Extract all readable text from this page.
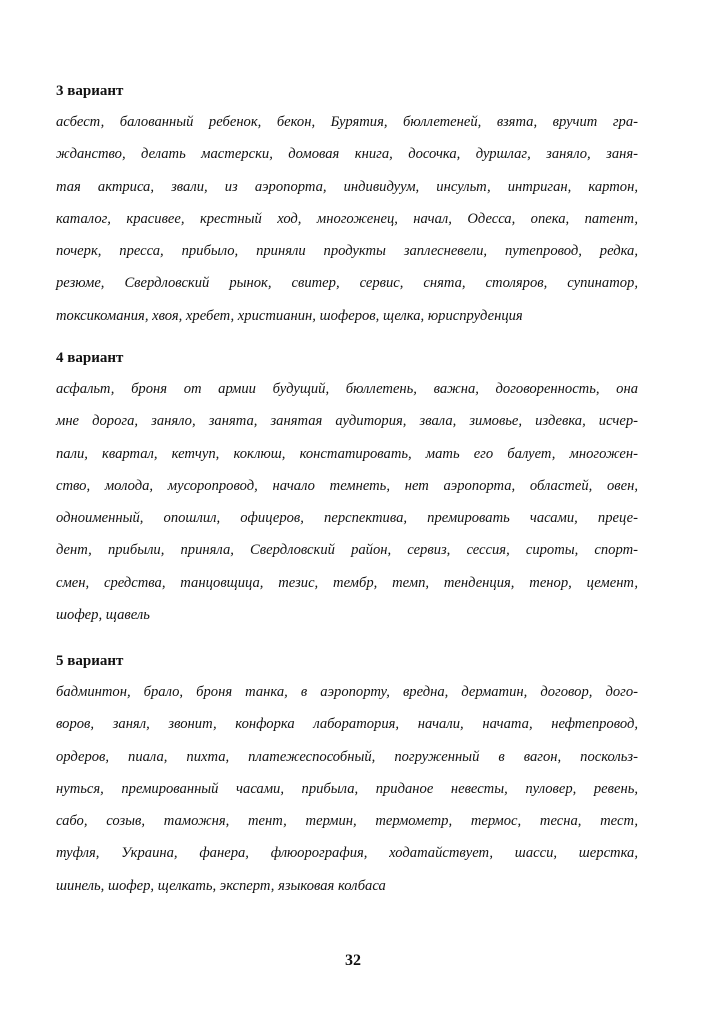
3 вариант
асбест, балованный ребенок, бекон, Бурятия, бюллетеней, взята, вручит гра-
жданство, делать мастерски, домовая книга, досочка, дуршлаг, заняло, заня-
тая актриса, звали, из аэропорта, индивидуум, инсульт, интриган, картон,
каталог, красивее, крестный ход, многоженец, начал, Одесса, опека, патент,
почерк, пресса, прибыло, приняли продукты заплесневели, путепровод, редка,
резюме, Свердловский рынок, свитер, сервис, снята, столяров, супинатор,
токсикомания, хвоя, хребет, христианин, шоферов, щелка, юриспруденция
4 вариант
асфальт, броня от армии будущий, бюллетень, важна, договоренность, она
мне дорога, заняло, занята, занятая аудитория, звала, зимовье, издевка, исчер-
пали, квартал, кетчуп, коклюш, констатировать, мать его балует, многожен-
ство, молода, мусоропровод, начало темнеть, нет аэропорта, областей, овен,
одноименный, опошлил, офицеров, перспектива, премировать часами, преце-
дент, прибыли, приняла, Свердловский район, сервиз, сессия, сироты, спорт-
смен, средства, танцовщица, тезис, тембр, темп, тенденция, тенор, цемент,
шофер, щавель
5 вариант
бадминтон, брало, броня танка, в аэропорту, вредна, дерматин, договор, дого-
воров, занял, звонит, конфорка лаборатория, начали, начата, нефтепровод,
ордеров, пиала, пихта, платежеспособный, погруженный в вагон, поскольз-
нуться, премированный часами, прибыла, приданое невесты, пуловер, ревень,
сабо, созыв, таможня, тент, термин, термометр, термос, тесна, тест,
туфля, Украина, фанера, флюорография, ходатайствует, шасси, шерстка,
шинель, шофер, щелкать, эксперт, языковая колбаса
32
